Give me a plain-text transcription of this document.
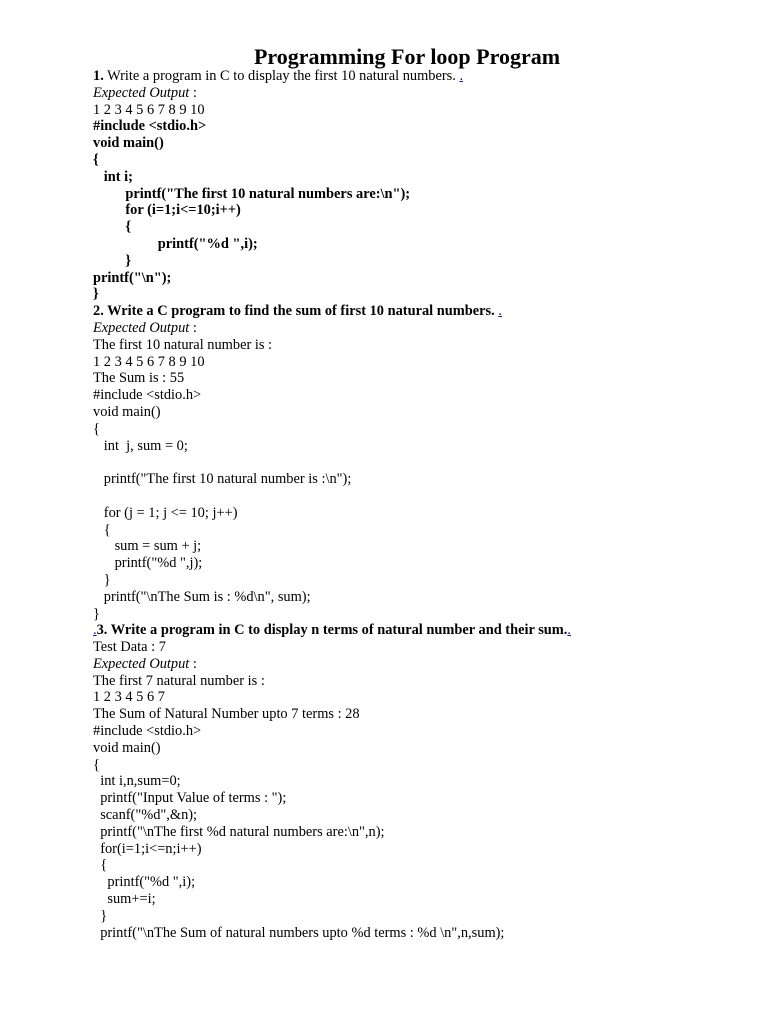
Programming For loop Program
1. Write a program in C to display the first 10 natural numbers. .
Expected Output :
1 2 3 4 5 6 7 8 9 10
#include <stdio.h>
void main()
{
int i;
printf("The first 10 natural numbers are:\n");
for (i=1;i<=10;i++)
{
printf("%d ",i);
}
printf("\n");
}
2. Write a C program to find the sum of first 10 natural numbers. .
Expected Output :
The first 10 natural number is :
1 2 3 4 5 6 7 8 9 10
The Sum is : 55
#include <stdio.h>
void main()
{
int  j, sum = 0;
printf("The first 10 natural number is :\n");
for (j = 1; j <= 10; j++)
{
sum = sum + j;
printf("%d ",j);
}
printf("\nThe Sum is : %d\n", sum);
}
.3. Write a program in C to display n terms of natural number and their sum..
Test Data : 7
Expected Output :
The first 7 natural number is :
1 2 3 4 5 6 7
The Sum of Natural Number upto 7 terms : 28
#include <stdio.h>
void main()
{
int i,n,sum=0;
printf("Input Value of terms : ");
scanf("%d",&n);
printf("\nThe first %d natural numbers are:\n",n);
for(i=1;i<=n;i++)
{
printf("%d ",i);
sum+=i;
}
printf("\nThe Sum of natural numbers upto %d terms : %d \n",n,sum);
